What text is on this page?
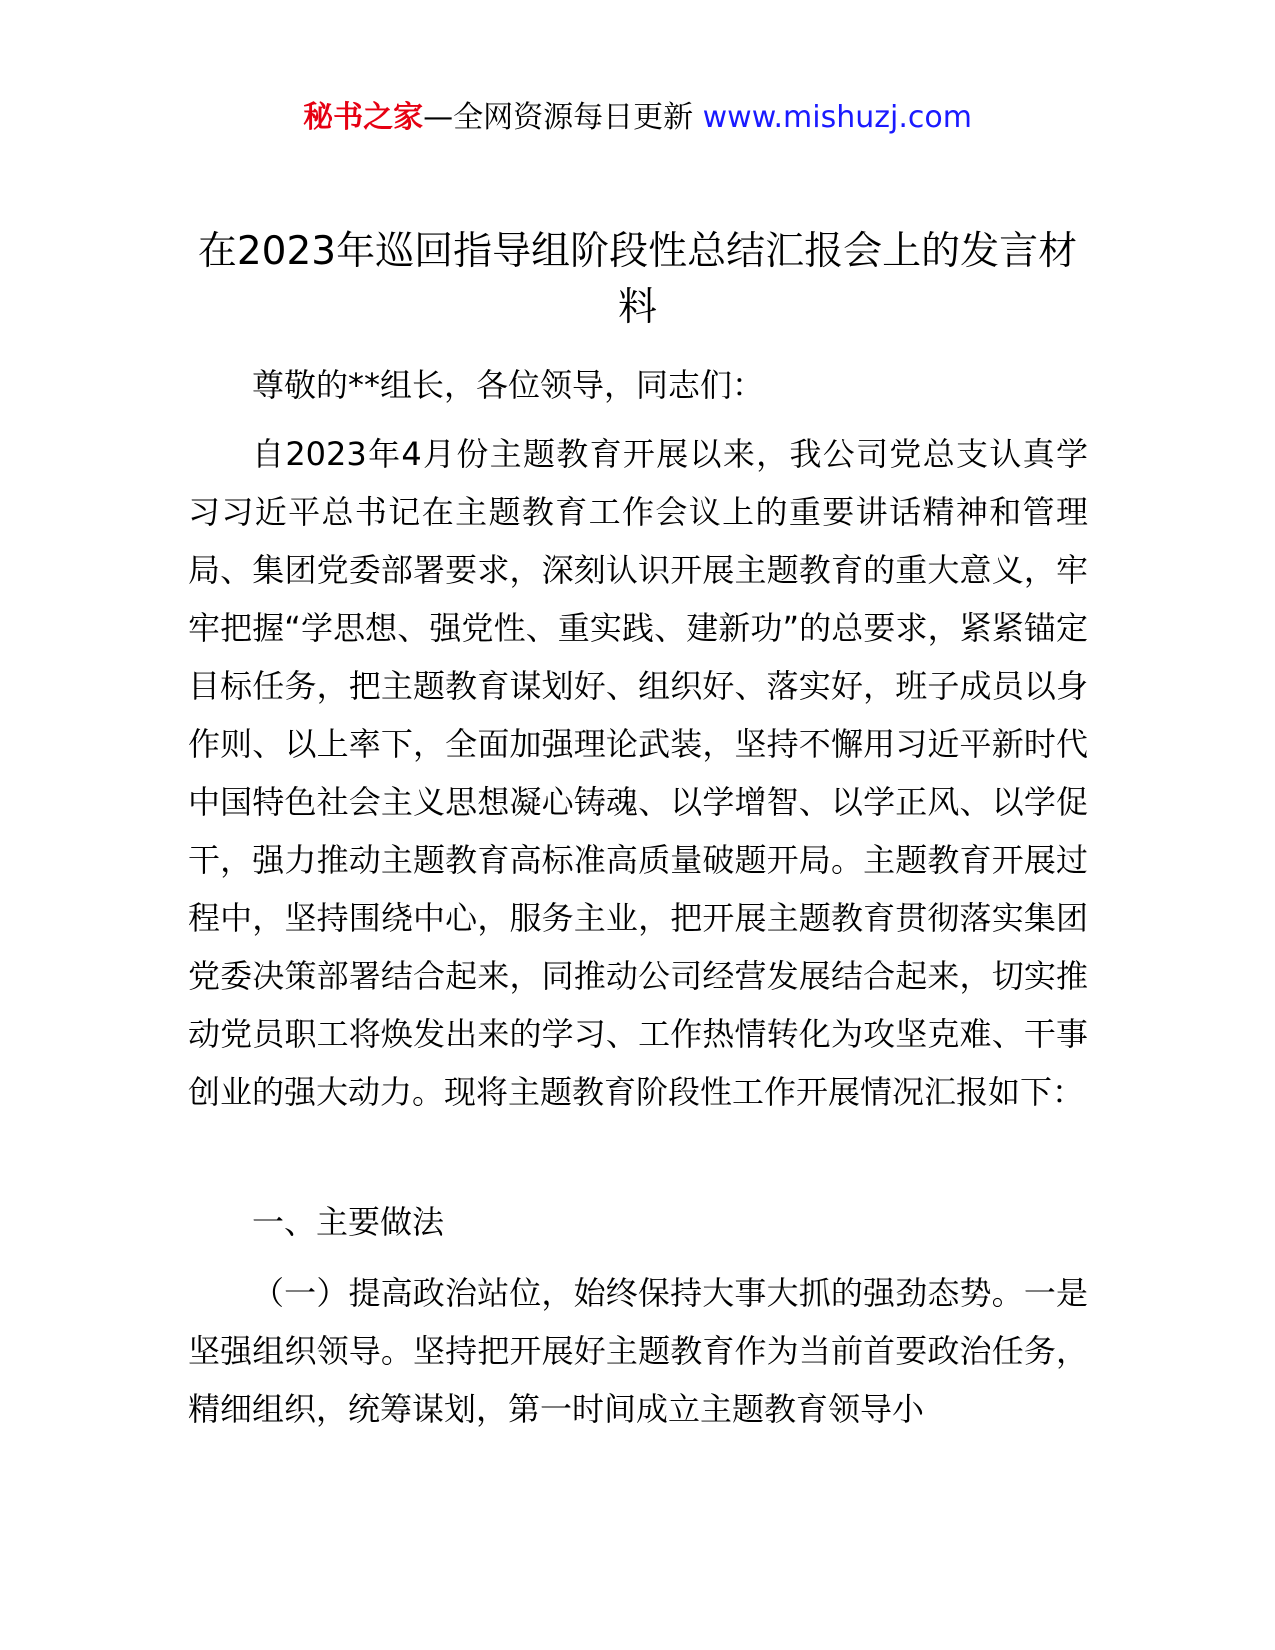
秘书之家—全网资源每日更新 www.mishuzj.com
在2023年巡回指导组阶段性总结汇报会上的发言材料

尊敬的**组长，各位领导，同志们：

自2023年4月份主题教育开展以来，我公司党总支认真学习习近平总书记在主题教育工作会议上的重要讲话精神和管理局、集团党委部署要求，深刻认识开展主题教育的重大意义，牢牢把握“学思想、强党性、重实践、建新功”的总要求，紧紧锚定目标任务，把主题教育谋划好、组织好、落实好，班子成员以身作则、以上率下，全面加强理论武装，坚持不懈用习近平新时代中国特色社会主义思想凝心铸魂、以学增智、以学正风、以学促干，强力推动主题教育高标准高质量破题开局。主题教育开展过程中，坚持围绕中心，服务主业，把开展主题教育贯彻落实集团党委决策部署结合起来，同推动公司经营发展结合起来，切实推动党员职工将焕发出来的学习、工作热情转化为攻坚克难、干事创业的强大动力。现将主题教育阶段性工作开展情况汇报如下：

一、主要做法

（一）提高政治站位，始终保持大事大抓的强劲态势。一是坚强组织领导。坚持把开展好主题教育作为当前首要政治任务，精细组织，统筹谋划，第一时间成立主题教育领导小
